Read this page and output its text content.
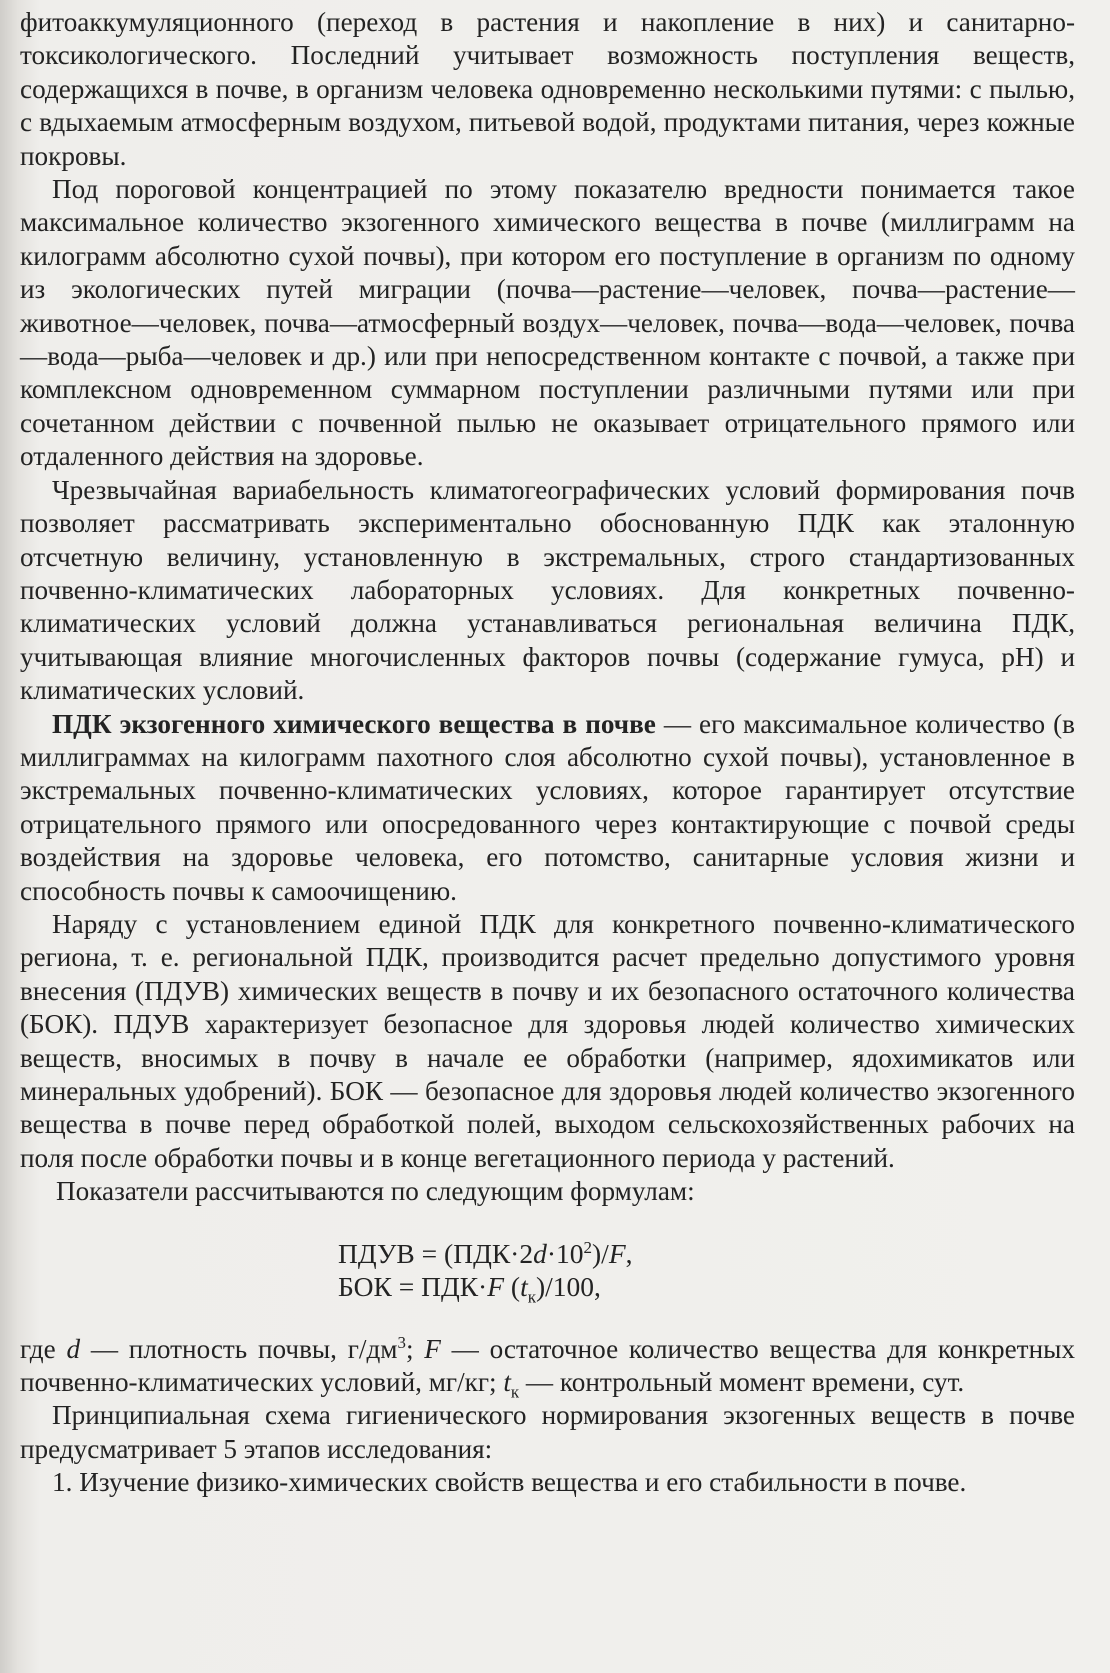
фитоаккумуляционного (переход в растения и накопление в них) и санитарно-токсикологического. Последний учитывает возможность поступления веществ, содержащихся в почве, в организм человека одновременно несколькими путями: с пылью, с вдыхаемым атмосферным воздухом, питьевой водой, продуктами питания, через кожные покровы.

Под пороговой концентрацией по этому показателю вредности понимается такое максимальное количество экзогенного химического вещества в почве (миллиграмм на килограмм абсолютно сухой почвы), при котором его поступление в организм по одному из экологических путей миграции (почва—растение—человек, почва—растение—животное—человек, почва—атмосферный воздух—человек, почва—вода—человек, почва—вода—рыба—человек и др.) или при непосредственном контакте с почвой, а также при комплексном одновременном суммарном поступлении различными путями или при сочетанном действии с почвенной пылью не оказывает отрицательного прямого или отдаленного действия на здоровье.

Чрезвычайная вариабельность климатогеографических условий формирования почв позволяет рассматривать экспериментально обоснованную ПДК как эталонную отсчетную величину, установленную в экстремальных, строго стандартизованных почвенно-климатических лабораторных условиях. Для конкретных почвенно-климатических условий должна устанавливаться региональная величина ПДК, учитывающая влияние многочисленных факторов почвы (содержание гумуса, pH) и климатических условий.

ПДК экзогенного химического вещества в почве — его максимальное количество (в миллиграммах на килограмм пахотного слоя абсолютно сухой почвы), установленное в экстремальных почвенно-климатических условиях, которое гарантирует отсутствие отрицательного прямого или опосредованного через контактирующие с почвой среды воздействия на здоровье человека, его потомство, санитарные условия жизни и способность почвы к самоочищению.

Наряду с установлением единой ПДК для конкретного почвенно-климатического региона, т. е. региональной ПДК, производится расчет предельно допустимого уровня внесения (ПДУВ) химических веществ в почву и их безопасного остаточного количества (БОК). ПДУВ характеризует безопасное для здоровья людей количество химических веществ, вносимых в почву в начале ее обработки (например, ядохимикатов или минеральных удобрений). БОК — безопасное для здоровья людей количество экзогенного вещества в почве перед обработкой полей, выходом сельскохозяйственных рабочих на поля после обработки почвы и в конце вегетационного периода у растений.

Показатели рассчитываются по следующим формулам:

ПДУВ = $(ПДК\cdot 2d\cdot 10^2)/F$,
БОК = ПДК·F $(t_к)/100$,

где d — плотность почвы, $г/дм^3$; F — остаточное количество вещества для конкретных почвенно-климатических условий, мг/кг; $t_к$ — контрольный момент времени, сут.

Принципиальная схема гигиенического нормирования экзогенных веществ в почве предусматривает 5 этапов исследования:

1. Изучение физико-химических свойств вещества и его стабильности в почве.
